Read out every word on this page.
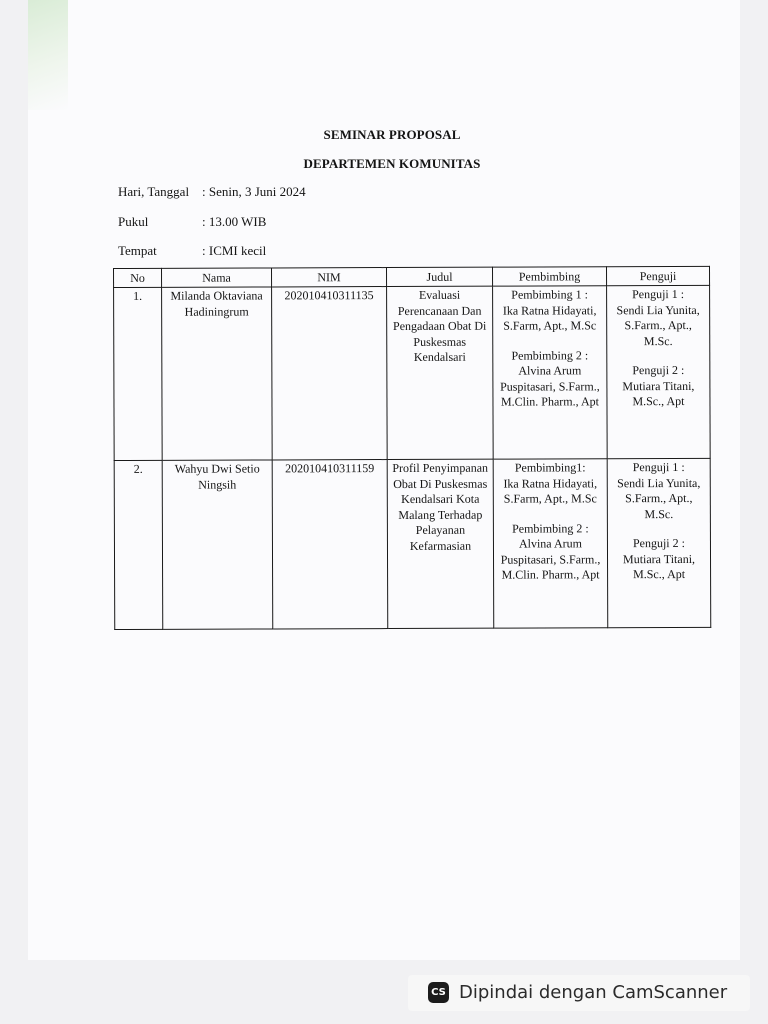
SEMINAR PROPOSAL
DEPARTEMEN KOMUNITAS
Hari, Tanggal : Senin, 3 Juni 2024
Pukul	: 13.00 WIB
Tempat	: ICMI kecil
No	Nama	NIM	Judul	Pembimbing	Penguji
1.	Milanda Oktaviana Hadiningrum	202010410311135	Evaluasi Perencanaan Dan Pengadaan Obat Di Puskesmas Kendalsari	Pembimbing 1 :
Ika Ratna Hidayati, S.Farm, Apt., M.Sc
Pembimbing 2 :
Alvina Arum Puspitasari, S.Farm., M.Clin. Pharm., Apt	Penguji 1 :
Sendi Lia Yunita, S.Farm., Apt., M.Sc.
Penguji 2 :
Mutiara Titani, M.Sc., Apt

2.	Wahyu Dwi Setio Ningsih	202010410311159	Profil Penyimpanan Obat Di Puskesmas Kendalsari Kota Malang Terhadap Pelayanan Kefarmasian	Pembimbing1:
Ika Ratna Hidayati, S.Farm, Apt., M.Sc
Pembimbing 2 :
Alvina Arum Puspitasari, S.Farm., M.Clin. Pharm., Apt	Penguji 1 :
Sendi Lia Yunita, S.Farm., Apt., M.Sc.
Penguji 2 :
Mutiara Titani, M.Sc., Apt
CS Dipindai dengan CamScanner
